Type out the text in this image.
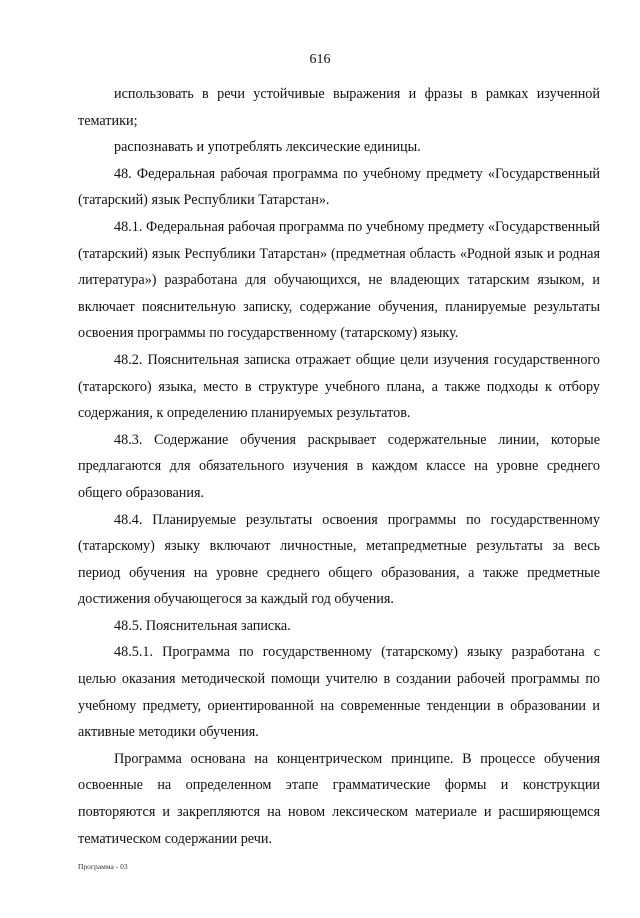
616

использовать в речи устойчивые выражения и фразы в рамках изученной тематики;

распознавать и употреблять лексические единицы.

48. Федеральная рабочая программа по учебному предмету «Государственный (татарский) язык Республики Татарстан».

48.1. Федеральная рабочая программа по учебному предмету «Государственный (татарский) язык Республики Татарстан» (предметная область «Родной язык и родная литература») разработана для обучающихся, не владеющих татарским языком, и включает пояснительную записку, содержание обучения, планируемые результаты освоения программы по государственному (татарскому) языку.

48.2. Пояснительная записка отражает общие цели изучения государственного (татарского) языка, место в структуре учебного плана, а также подходы к отбору содержания, к определению планируемых результатов.

48.3. Содержание обучения раскрывает содержательные линии, которые предлагаются для обязательного изучения в каждом классе на уровне среднего общего образования.

48.4. Планируемые результаты освоения программы по государственному (татарскому) языку включают личностные, метапредметные результаты за весь период обучения на уровне среднего общего образования, а также предметные достижения обучающегося за каждый год обучения.

48.5. Пояснительная записка.

48.5.1. Программа по государственному (татарскому) языку разработана с целью оказания методической помощи учителю в создании рабочей программы по учебному предмету, ориентированной на современные тенденции в образовании и активные методики обучения.

Программа основана на концентрическом принципе. В процессе обучения освоенные на определенном этапе грамматические формы и конструкции повторяются и закрепляются на новом лексическом материале и расширяющемся тематическом содержании речи.

Программа - 03
